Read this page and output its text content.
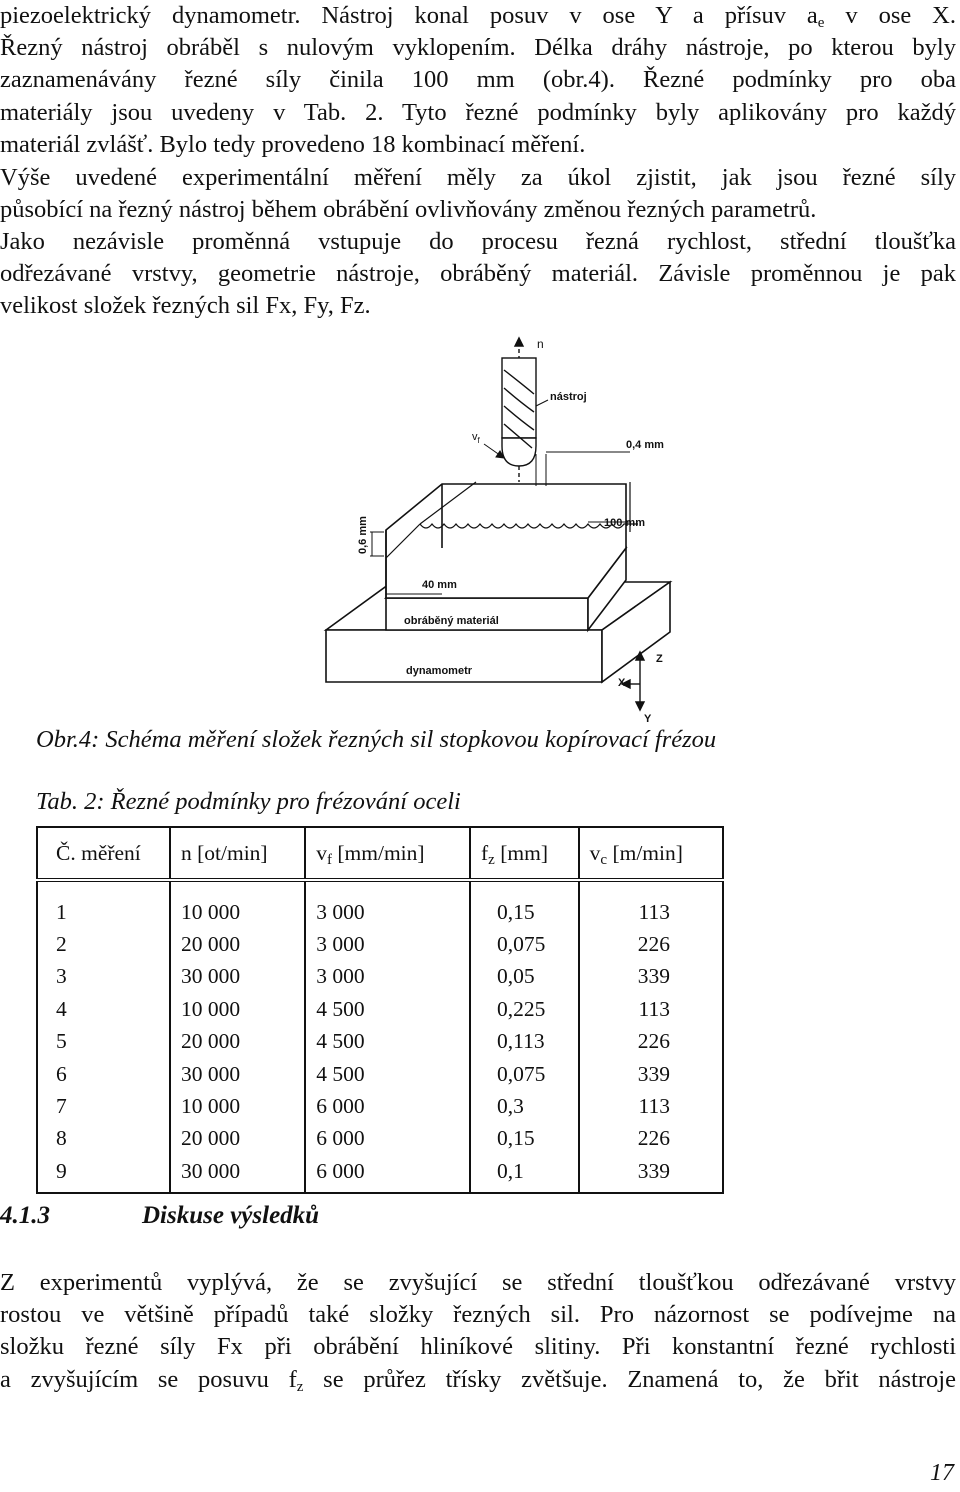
piezoelektrický dynamometr. Nástroj konal posuv v ose Y a přísuv $a_e$ v ose X.
Řezný nástroj obráběl s nulovým vyklopením. Délka dráhy nástroje, po kterou byly
zaznamenávány řezné síly činila 100 mm (obr.4). Řezné podmínky pro oba
materiály jsou uvedeny v Tab. 2. Tyto řezné podmínky byly aplikovány pro každý
materiál zvlášť. Bylo tedy provedeno 18 kombinací měření.
Výše uvedené experimentální měření měly za úkol zjistit, jak jsou řezné síly
působící na řezný nástroj během obrábění ovlivňovány změnou řezných parametrů.
Jako nezávisle proměnná vstupuje do procesu řezná rychlost, střední tloušťka
odřezávané vrstvy, geometrie nástroje, obráběný materiál. Závisle proměnnou je pak
velikost složek řezných sil Fx, Fy, Fz.
n
nástroj
$v_f$	0,4 mm
0,6 mm	100 mm
40 mm
obráběný materiál
dynamometr
Z
X
Y

Obr.4: Schéma měření složek řezných sil stopkovou kopírovací frézou

Tab. 2: Řezné podmínky pro frézování oceli

Č. měření	n [ot/min]	$v_f$ [mm/min]	$f_z$ [mm]	$v_c$ [m/min]

1	10 000	3 000	0,15	113
2	20 000	3 000	0,075	226
3	30 000	3 000	0,05	339
4	10 000	4 500	0,225	113
5	20 000	4 500	0,113	226
6	30 000	4 500	0,075	339
7	10 000	6 000	0,3	113
8	20 000	6 000	0,15	226
9	30 000	6 000	0,1	339
4.1.3	Diskuse výsledků
Z experimentů vyplývá, že se zvyšující se střední tloušťkou odřezávané vrstvy
rostou ve většině případů také složky řezných sil. Pro názornost se podívejme na
složku řezné síly Fx při obrábění hliníkové slitiny. Při konstantní řezné rychlosti
a zvyšujícím se posuvu $f_z$ se průřez třísky zvětšuje. Znamená to, že břit nástroje

17
